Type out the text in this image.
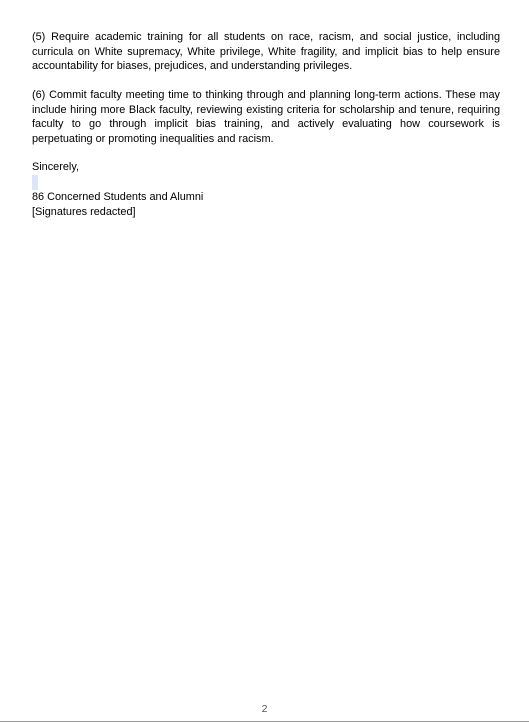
(5) Require academic training for all students on race, racism, and social justice, including curricula on White supremacy, White privilege, White fragility, and implicit bias to help ensure accountability for biases, prejudices, and understanding privileges.

(6) Commit faculty meeting time to thinking through and planning long-term actions. These may include hiring more Black faculty, reviewing existing criteria for scholarship and tenure, requiring faculty to go through implicit bias training, and actively evaluating how coursework is perpetuating or promoting inequalities and racism.

Sincerely,

86 Concerned Students and Alumni

[Signatures redacted]

2
